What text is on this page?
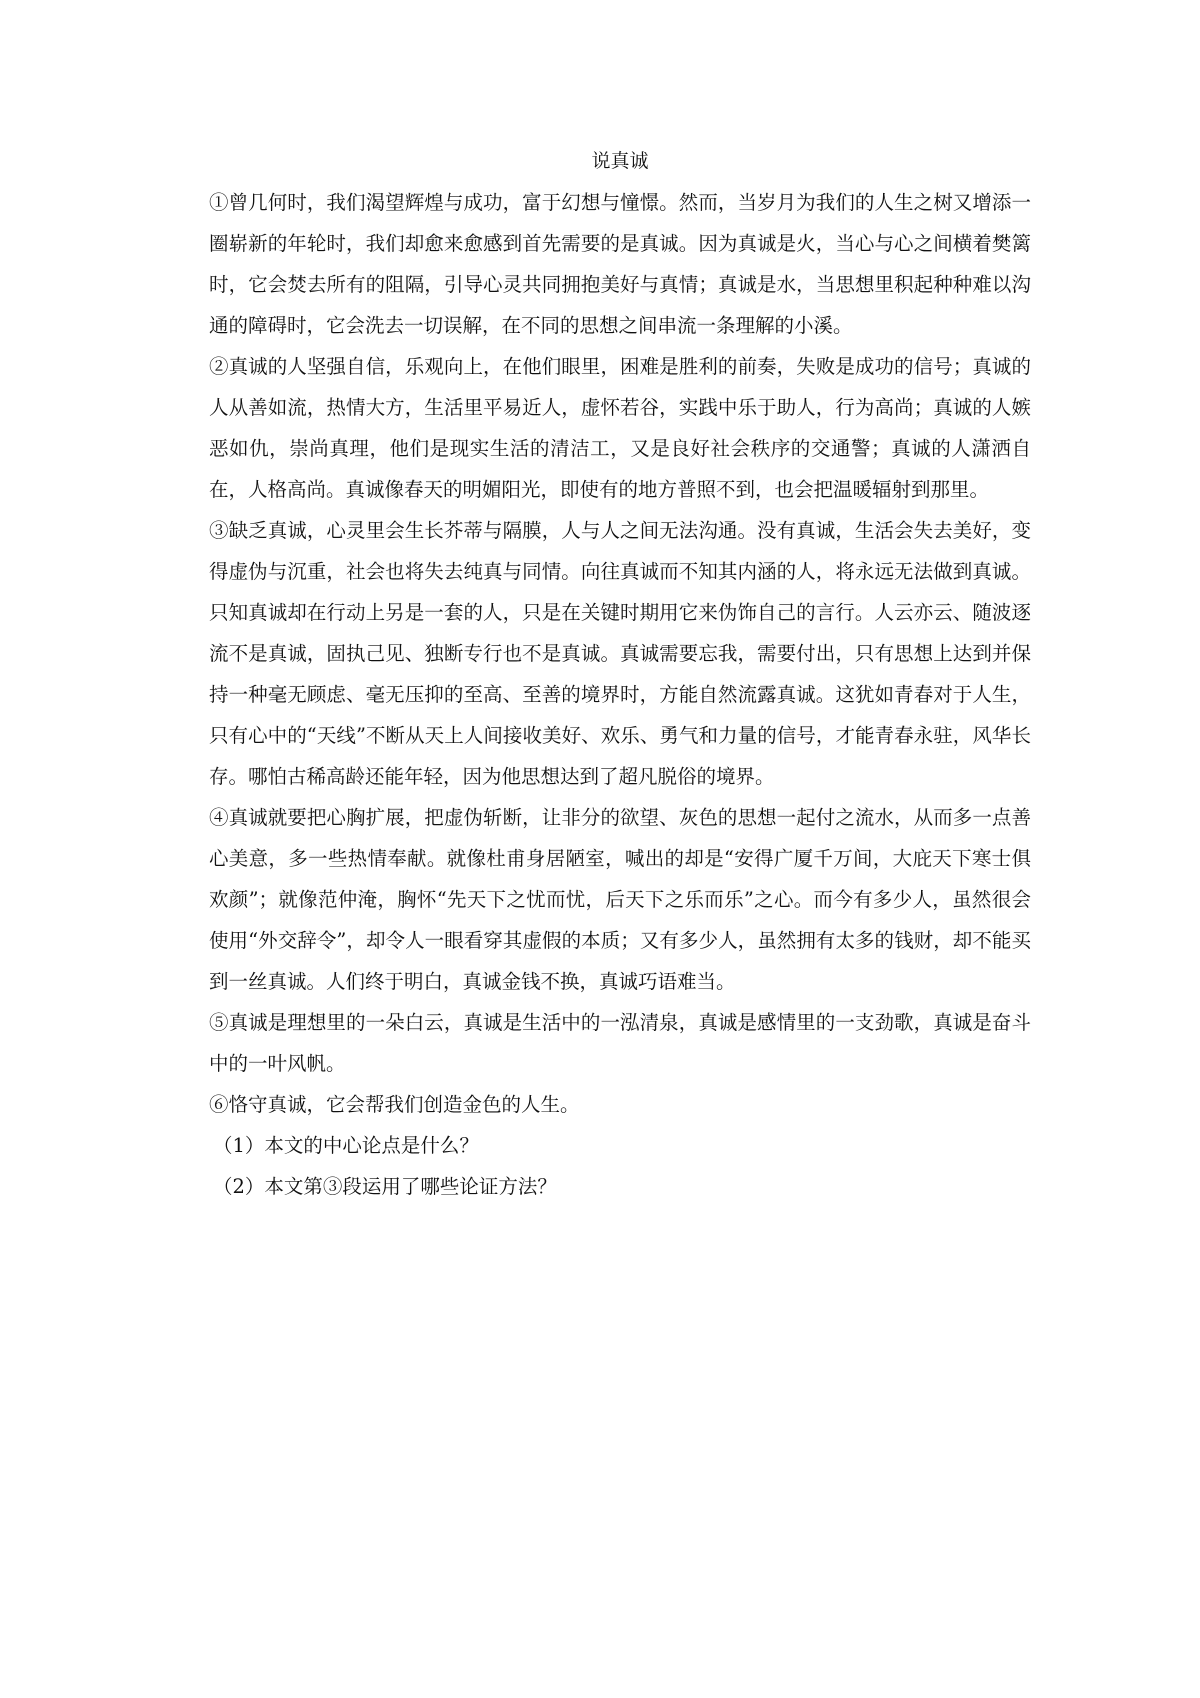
说真诚

①曾几何时，我们渴望辉煌与成功，富于幻想与憧憬。然而，当岁月为我们的人生之树又增添一圈崭新的年轮时，我们却愈来愈感到首先需要的是真诚。因为真诚是火，当心与心之间横着樊篱时，它会焚去所有的阻隔，引导心灵共同拥抱美好与真情；真诚是水，当思想里积起种种难以沟通的障碍时，它会洗去一切误解，在不同的思想之间串流一条理解的小溪。

②真诚的人坚强自信，乐观向上，在他们眼里，困难是胜利的前奏，失败是成功的信号；真诚的人从善如流，热情大方，生活里平易近人，虚怀若谷，实践中乐于助人，行为高尚；真诚的人嫉恶如仇，崇尚真理，他们是现实生活的清洁工，又是良好社会秩序的交通警；真诚的人潇洒自在，人格高尚。真诚像春天的明媚阳光，即使有的地方普照不到，也会把温暖辐射到那里。

③缺乏真诚，心灵里会生长芥蒂与隔膜，人与人之间无法沟通。没有真诚，生活会失去美好，变得虚伪与沉重，社会也将失去纯真与同情。向往真诚而不知其内涵的人，将永远无法做到真诚。只知真诚却在行动上另是一套的人，只是在关键时期用它来伪饰自己的言行。人云亦云、随波逐流不是真诚，固执己见、独断专行也不是真诚。真诚需要忘我，需要付出，只有思想上达到并保持一种毫无顾虑、毫无压抑的至高、至善的境界时，方能自然流露真诚。这犹如青春对于人生，只有心中的“天线”不断从天上人间接收美好、欢乐、勇气和力量的信号，才能青春永驻，风华长存。哪怕古稀高龄还能年轻，因为他思想达到了超凡脱俗的境界。

④真诚就要把心胸扩展，把虚伪斩断，让非分的欲望、灰色的思想一起付之流水，从而多一点善心美意，多一些热情奉献。就像杜甫身居陋室，喊出的却是“安得广厦千万间，大庇天下寒士俱欢颜”；就像范仲淹，胸怀“先天下之忧而忧，后天下之乐而乐”之心。而今有多少人，虽然很会使用“外交辞令”，却令人一眼看穿其虚假的本质；又有多少人，虽然拥有太多的钱财，却不能买到一丝真诚。人们终于明白，真诚金钱不换，真诚巧语难当。

⑤真诚是理想里的一朵白云，真诚是生活中的一泓清泉，真诚是感情里的一支劲歌，真诚是奋斗中的一叶风帆。

⑥恪守真诚，它会帮我们创造金色的人生。

（1）本文的中心论点是什么？

（2）本文第③段运用了哪些论证方法？
